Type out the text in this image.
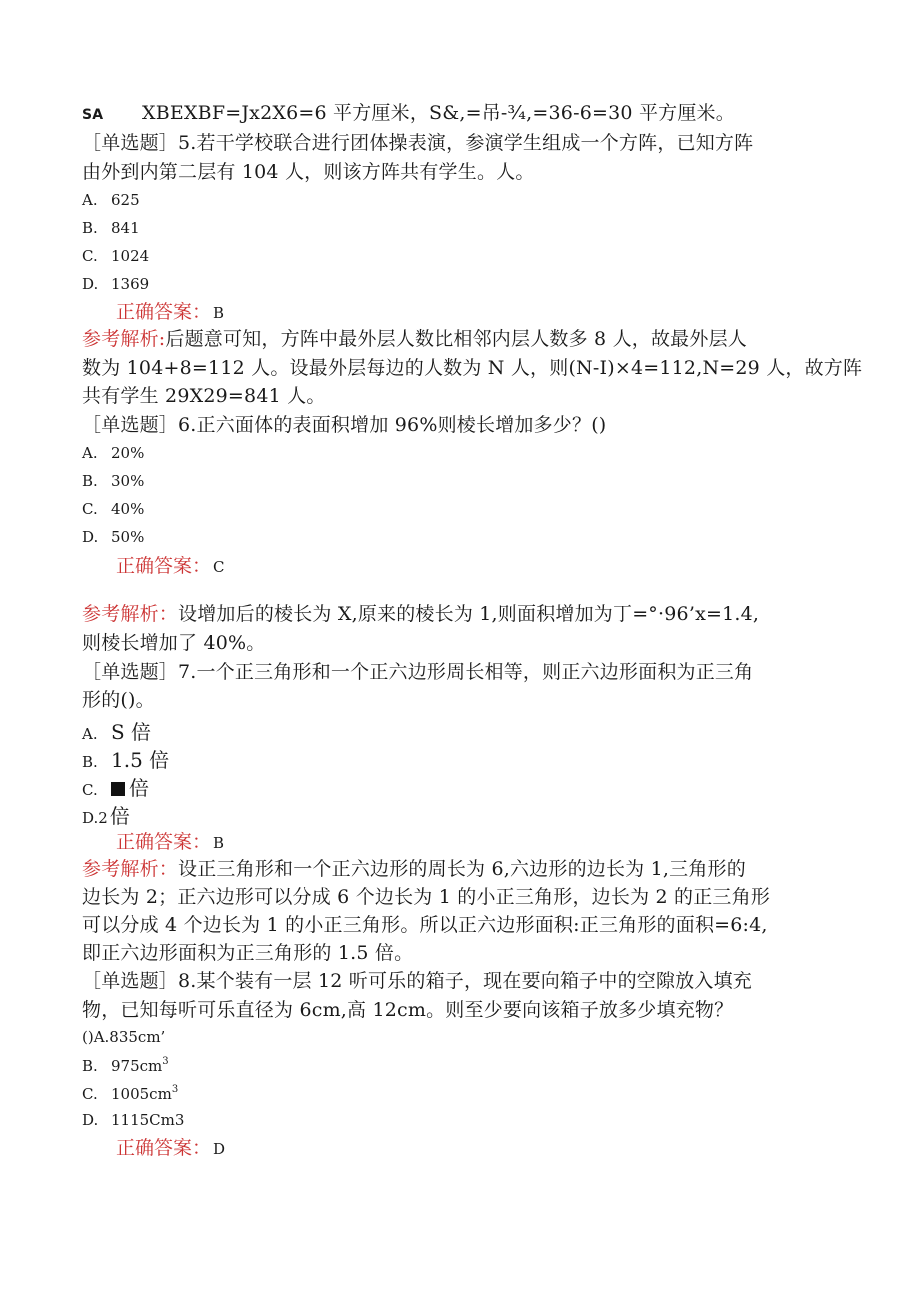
SA XBEXBF=Jx2X6=6 平方厘米，S&,=吊-¾,=36-6=30 平方厘米。
［单选题］5.若干学校联合进行团体操表演，参演学生组成一个方阵，已知方阵
由外到内第二层有 104 人，则该方阵共有学生。人。
A. 625
B. 841
C. 1024
D. 1369
正确答案： B
参考解析:后题意可知，方阵中最外层人数比相邻内层人数多 8 人，故最外层人
数为 104+8=112 人。设最外层每边的人数为 N 人，则(N-I)×4=112,N=29 人，故方阵
共有学生 29X29=841 人。
［单选题］6.正六面体的表面积增加 96%则棱长增加多少？()
A. 20%
B. 30%
C. 40%
D. 50%
正确答案： C
参考解析：设增加后的棱长为 X,原来的棱长为 1,则面积增加为丁=°·96’x=1.4,
则棱长增加了 40%。
［单选题］7.一个正三角形和一个正六边形周长相等，则正六边形面积为正三角
形的()。
A. S 倍
B. 1.5 倍
C. 倍
D.2 倍
正确答案： B
参考解析：设正三角形和一个正六边形的周长为 6,六边形的边长为 1,三角形的
边长为 2；正六边形可以分成 6 个边长为 1 的小正三角形，边长为 2 的正三角形
可以分成 4 个边长为 1 的小正三角形。所以正六边形面积:正三角形的面积=6:4,
即正六边形面积为正三角形的 1.5 倍。
［单选题］8.某个装有一层 12 听可乐的箱子，现在要向箱子中的空隙放入填充
物，已知每听可乐直径为 6cm,高 12cm。则至少要向该箱子放多少填充物？
()A.835cm’
B. $975cm^3$
C. $1005cm^3$
D. 1115Cm3
正确答案： D
